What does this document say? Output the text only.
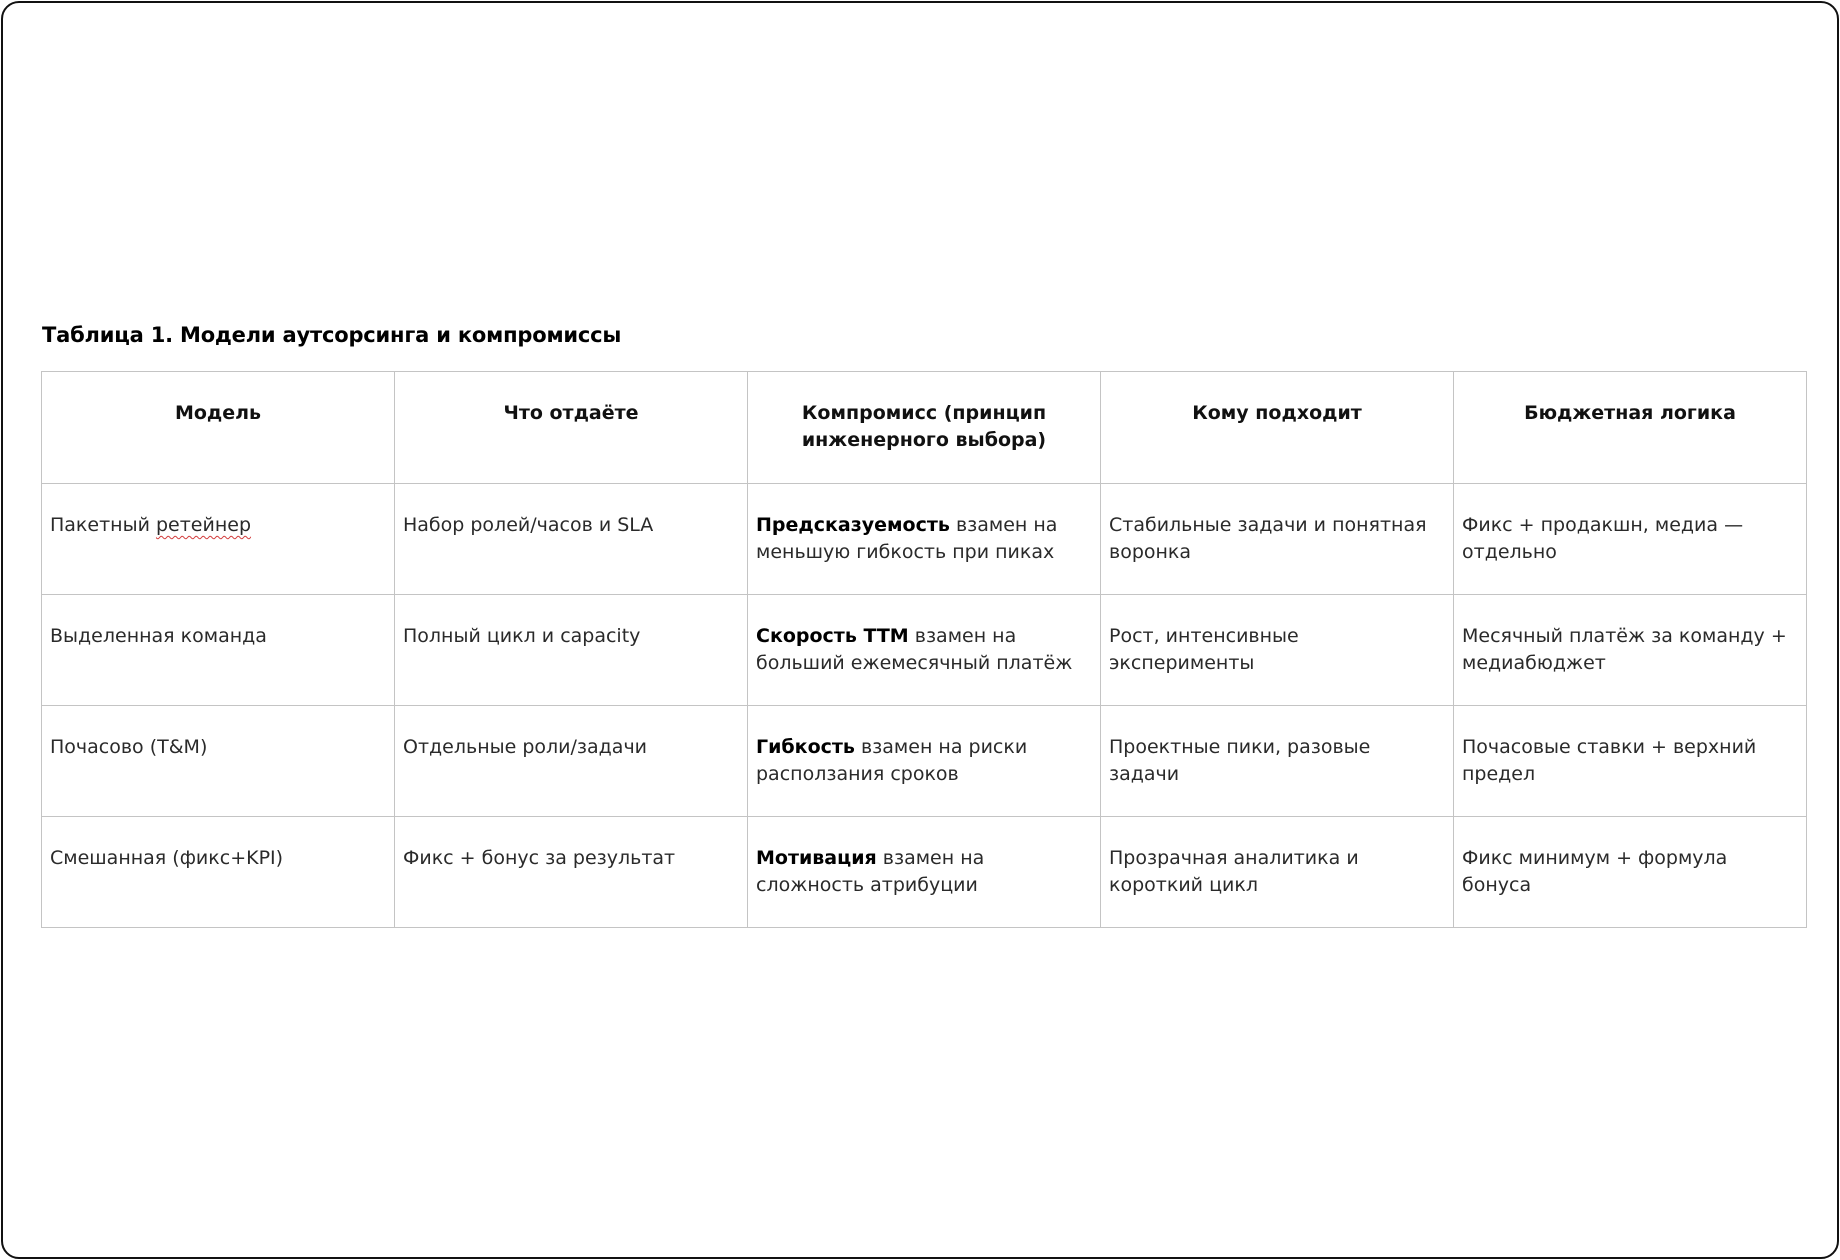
Таблица 1. Модели аутсорсинга и компромиссы
Модель	Что отдаёте	Компромисс (принцип инженерного выбора)	Кому подходит	Бюджетная логика
Пакетный ретейнер	Набор ролей/часов и SLA	Предсказуемость взамен на меньшую гибкость при пиках	Стабильные задачи и понятная воронка	Фикс + продакшн, медиа — отдельно
Выделенная команда	Полный цикл и capacity	Скорость TTM взамен на больший ежемесячный платёж	Рост, интенсивные эксперименты	Месячный платёж за команду + медиабюджет
Почасово (T&M)	Отдельные роли/задачи	Гибкость взамен на риски расползания сроков	Проектные пики, разовые задачи	Почасовые ставки + верхний предел
Смешанная (фикс+KPI)	Фикс + бонус за результат	Мотивация взамен на сложность атрибуции	Прозрачная аналитика и короткий цикл	Фикс минимум + формула бонуса
